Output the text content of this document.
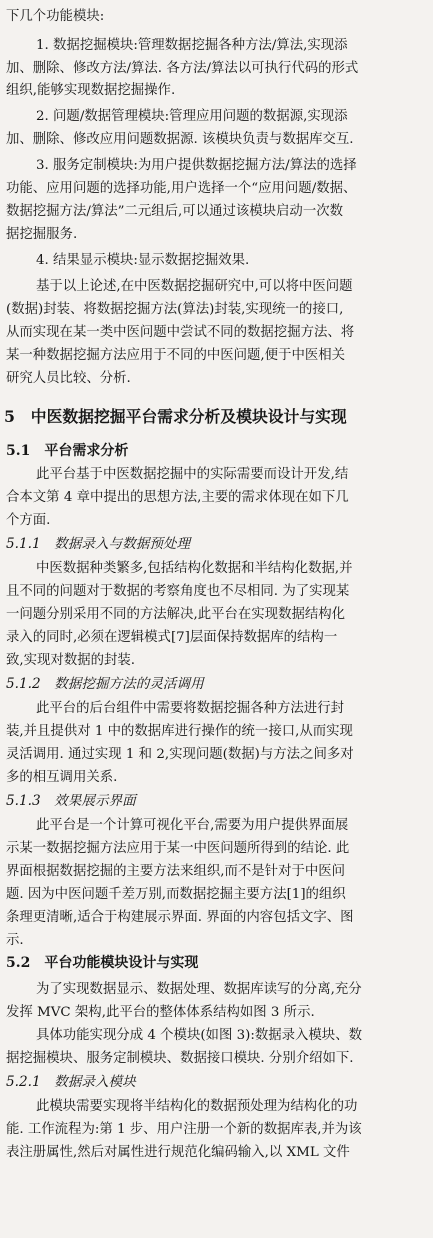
下几个功能模块:
1. 数据挖掘模块:管理数据挖掘各种方法/算法,实现添
加、删除、修改方法/算法. 各方法/算法以可执行代码的形式
组织,能够实现数据挖掘操作.
2. 问题/数据管理模块:管理应用问题的数据源,实现添
加、删除、修改应用问题数据源. 该模块负责与数据库交互.
3. 服务定制模块:为用户提供数据挖掘方法/算法的选择
功能、应用问题的选择功能,用户选择一个“应用问题/数据、
数据挖掘方法/算法”二元组后,可以通过该模块启动一次数
据挖掘服务.
4. 结果显示模块:显示数据挖掘效果.
基于以上论述,在中医数据挖掘研究中,可以将中医问题
(数据)封装、将数据挖掘方法(算法)封装,实现统一的接口,
从而实现在某一类中医问题中尝试不同的数据挖掘方法、将
某一种数据挖掘方法应用于不同的中医问题,便于中医相关
研究人员比较、分析.
5　中医数据挖掘平台需求分析及模块设计与实现
5.1　平台需求分析
此平台基于中医数据挖掘中的实际需要而设计开发,结
合本文第 4 章中提出的思想方法,主要的需求体现在如下几
个方面.
5.1.1　数据录入与数据预处理
中医数据种类繁多,包括结构化数据和半结构化数据,并
且不同的问题对于数据的考察角度也不尽相同. 为了实现某
一问题分别采用不同的方法解决,此平台在实现数据结构化
录入的同时,必须在逻辑模式[7]层面保持数据库的结构一
致,实现对数据的封装.
5.1.2　数据挖掘方法的灵活调用
此平台的后台组件中需要将数据挖掘各种方法进行封
装,并且提供对 1 中的数据库进行操作的统一接口,从而实现
灵活调用. 通过实现 1 和 2,实现问题(数据)与方法之间多对
多的相互调用关系.
5.1.3　效果展示界面
此平台是一个计算可视化平台,需要为用户提供界面展
示某一数据挖掘方法应用于某一中医问题所得到的结论. 此
界面根据数据挖掘的主要方法来组织,而不是针对于中医问
题. 因为中医问题千差万别,而数据挖掘主要方法[1]的组织
条理更清晰,适合于构建展示界面. 界面的内容包括文字、图
示.
5.2　平台功能模块设计与实现
为了实现数据显示、数据处理、数据库读写的分离,充分
发挥 MVC 架构,此平台的整体体系结构如图 3 所示.
具体功能实现分成 4 个模块(如图 3):数据录入模块、数
据挖掘模块、服务定制模块、数据接口模块. 分别介绍如下.
5.2.1　数据录入模块
此模块需要实现将半结构化的数据预处理为结构化的功
能. 工作流程为:第 1 步、用户注册一个新的数据库表,并为该
表注册属性,然后对属性进行规范化编码输入,以 XML 文件
